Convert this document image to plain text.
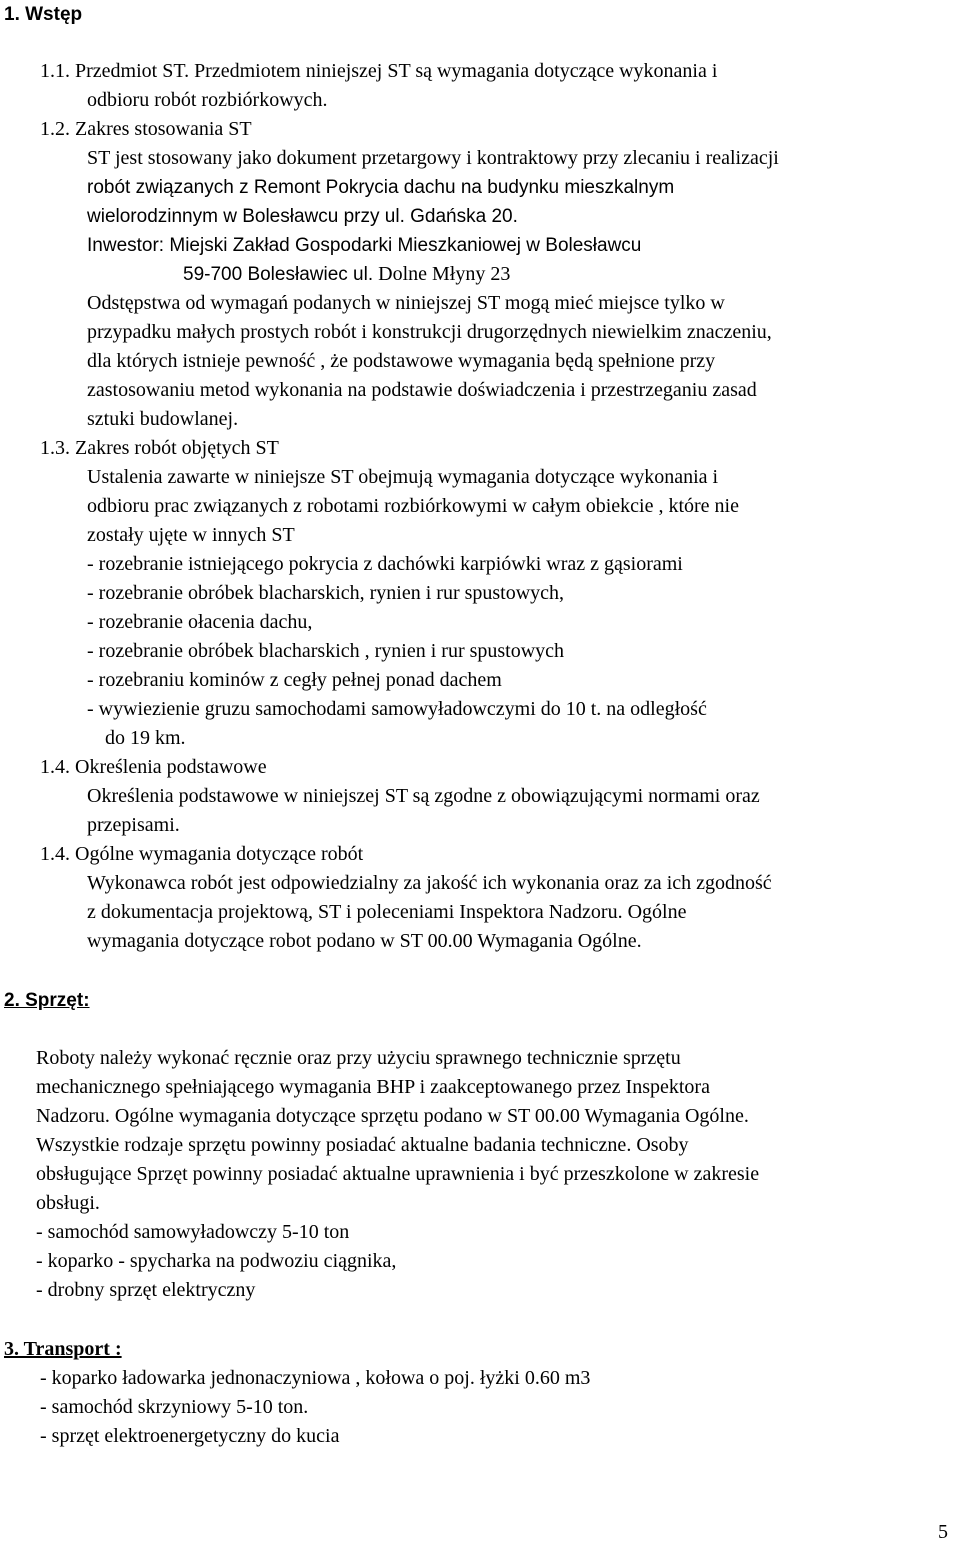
1. Wstęp
1.1. Przedmiot ST. Przedmiotem niniejszej ST są wymagania dotyczące wykonania i
odbioru robót rozbiórkowych.
1.2. Zakres stosowania ST
ST jest stosowany jako dokument przetargowy i kontraktowy przy zlecaniu i realizacji
robót związanych z Remont Pokrycia dachu na budynku mieszkalnym
wielorodzinnym w Bolesławcu przy ul. Gdańska 20.
Inwestor: Miejski Zakład Gospodarki Mieszkaniowej w Bolesławcu
59-700 Bolesławiec ul. Dolne Młyny 23
Odstępstwa od wymagań podanych w niniejszej ST mogą mieć miejsce tylko w
przypadku małych prostych robót i konstrukcji drugorzędnych niewielkim znaczeniu,
dla których istnieje pewność , że podstawowe wymagania będą spełnione przy
zastosowaniu metod wykonania na podstawie doświadczenia i przestrzeganiu zasad
sztuki budowlanej.
1.3. Zakres robót objętych ST
Ustalenia zawarte w niniejsze ST obejmują wymagania dotyczące wykonania i
odbioru prac związanych z robotami rozbiórkowymi w całym obiekcie , które nie
zostały ujęte w innych ST
- rozebranie istniejącego pokrycia z dachówki karpiówki wraz z gąsiorami
- rozebranie obróbek blacharskich, rynien i rur spustowych,
- rozebranie ołacenia dachu,
- rozebranie obróbek blacharskich , rynien i rur spustowych
- rozebraniu kominów z cegły pełnej ponad dachem
- wywiezienie gruzu samochodami samowyładowczymi do 10 t. na odległość
do 19 km.
1.4. Określenia podstawowe
Określenia podstawowe w niniejszej ST są zgodne z obowiązującymi normami oraz
przepisami.
1.4. Ogólne wymagania dotyczące robót
Wykonawca robót jest odpowiedzialny za jakość ich wykonania oraz za ich zgodność
z dokumentacja projektową, ST i poleceniami Inspektora Nadzoru. Ogólne
wymagania dotyczące robot podano w ST 00.00 Wymagania Ogólne.
2. Sprzęt:
Roboty należy wykonać ręcznie oraz przy użyciu sprawnego technicznie sprzętu
mechanicznego spełniającego wymagania BHP i zaakceptowanego przez Inspektora
Nadzoru. Ogólne wymagania dotyczące sprzętu podano w ST 00.00 Wymagania Ogólne.
Wszystkie rodzaje sprzętu powinny posiadać aktualne badania techniczne. Osoby
obsługujące Sprzęt powinny posiadać aktualne uprawnienia i być przeszkolone w zakresie
obsługi.
- samochód samowyładowczy 5-10 ton
- koparko - spycharka na podwoziu ciągnika,
- drobny sprzęt elektryczny
3. Transport :
- koparko ładowarka jednonaczyniowa , kołowa o poj. łyżki 0.60 m3
- samochód skrzyniowy 5-10 ton.
- sprzęt elektroenergetyczny do kucia
5
